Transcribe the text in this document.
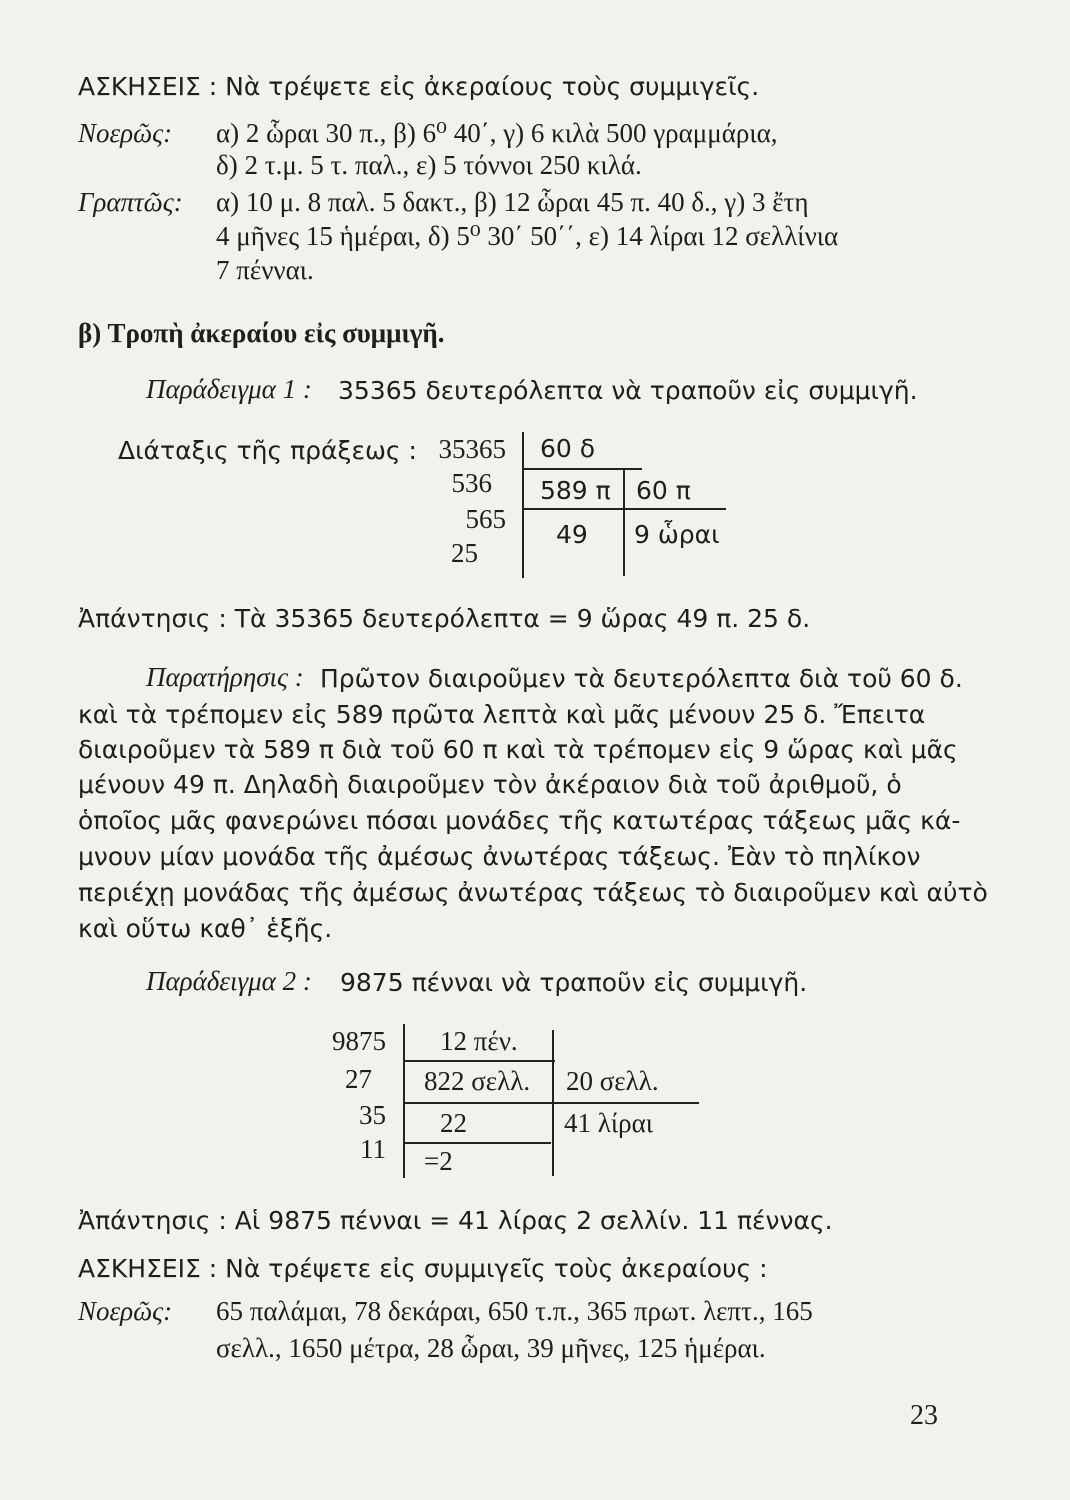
ΑΣΚΗΣΕΙΣ : Νὰ τρέψετε εἰς ἀκεραίους τοὺς συμμιγεῖς.
Νοερῶς: α) 2 ὧραι 30 π., β) 6⁰ 40΄, γ) 6 κιλὰ 500 γραμμάρια,
δ) 2 τ.μ. 5 τ. παλ., ε) 5 τόννοι 250 κιλά.
Γραπτῶς: α) 10 μ. 8 παλ. 5 δακτ., β) 12 ὧραι 45 π. 40 δ., γ) 3 ἔτη
4 μῆνες 15 ἡμέραι, δ) 5⁰ 30΄ 50΄΄, ε) 14 λίραι 12 σελλίνια
7 πένναι.
β) Τροπὴ ἀκεραίου εἰς συμμιγῆ.
Παράδειγμα 1 : 35365 δευτερόλεπτα νὰ τραποῦν εἰς συμμιγῆ.
Διάταξις τῆς πράξεως : 35365
536
565
25
60 δ
589 π 60 π
49 9 ὧραι
Ἀπάντησις : Τὰ 35365 δευτερόλεπτα = 9 ὥρας 49 π. 25 δ.
Παρατήρησις : Πρῶτον διαιροῦμεν τὰ δευτερόλεπτα διὰ τοῦ 60 δ.
καὶ τὰ τρέπομεν εἰς 589 πρῶτα λεπτὰ καὶ μᾶς μένουν 25 δ. Ἔπειτα
διαιροῦμεν τὰ 589 π διὰ τοῦ 60 π καὶ τὰ τρέπομεν εἰς 9 ὥρας καὶ μᾶς
μένουν 49 π. Δηλαδὴ διαιροῦμεν τὸν ἀκέραιον διὰ τοῦ ἀριθμοῦ, ὁ
ὁποῖος μᾶς φανερώνει πόσαι μονάδες τῆς κατωτέρας τάξεως μᾶς κά-
μνουν μίαν μονάδα τῆς ἀμέσως ἀνωτέρας τάξεως. Ἐὰν τὸ πηλίκον
περιέχῃ μονάδας τῆς ἀμέσως ἀνωτέρας τάξεως τὸ διαιροῦμεν καὶ αὐτὸ
καὶ οὕτω καθ᾽ ἑξῆς.
Παράδειγμα 2 : 9875 πένναι νὰ τραποῦν εἰς συμμιγῆ.
9875
27
35
11
12 πέν.
822 σελλ. 20 σελλ.
22	41 λίραι
=2
Ἀπάντησις : Αἱ 9875 πένναι = 41 λίρας 2 σελλίν. 11 πέννας.
ΑΣΚΗΣΕΙΣ : Νὰ τρέψετε εἰς συμμιγεῖς τοὺς ἀκεραίους :
Νοερῶς: 65 παλάμαι, 78 δεκάραι, 650 τ.π., 365 πρωτ. λεπτ., 165
σελλ., 1650 μέτρα, 28 ὧραι, 39 μῆνες, 125 ἡμέραι.
23
